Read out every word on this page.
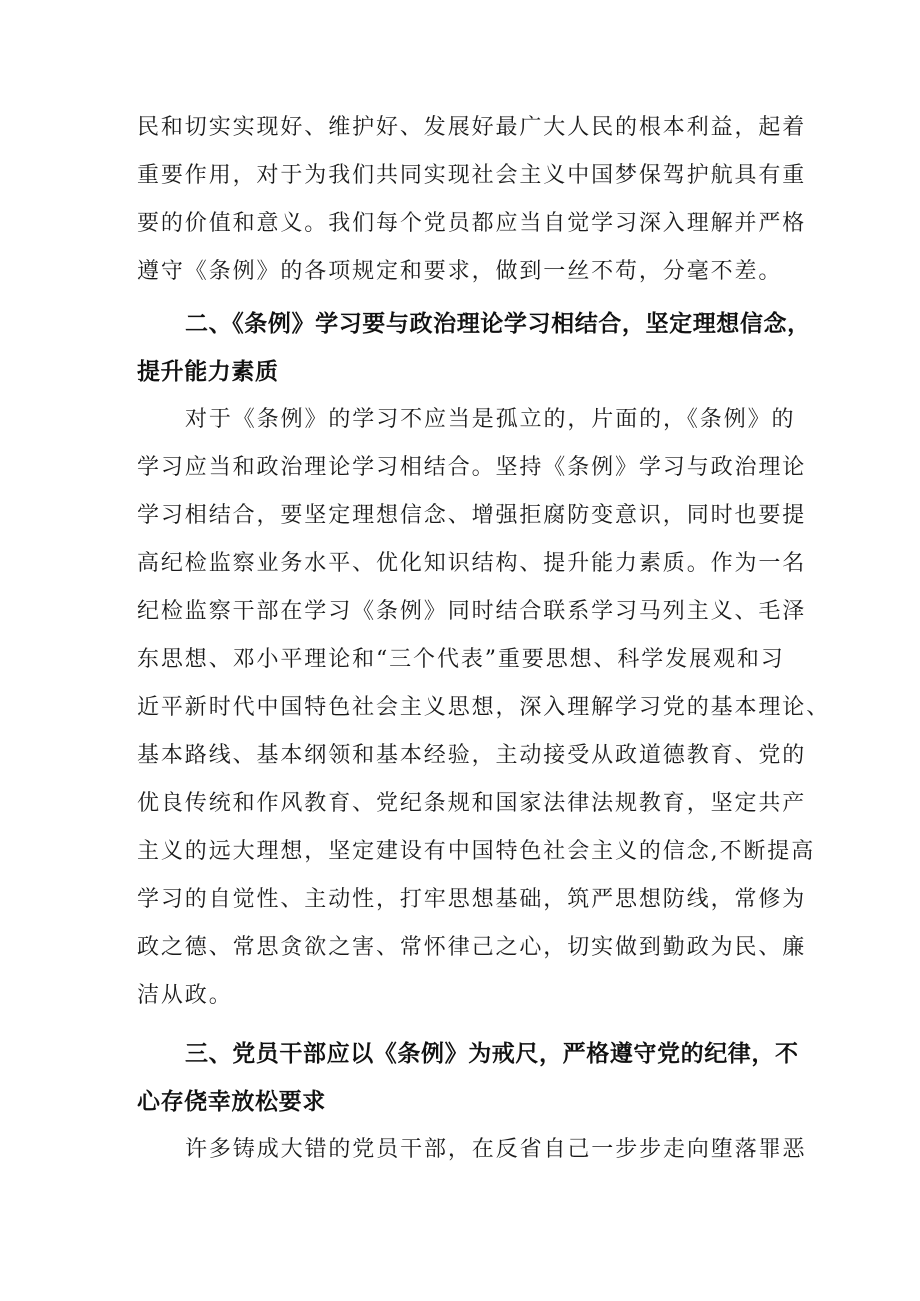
民和切实实现好、维护好、发展好最广大人民的根本利益，起着
重要作用，对于为我们共同实现社会主义中国梦保驾护航具有重
要的价值和意义。我们每个党员都应当自觉学习深入理解并严格
遵守《条例》的各项规定和要求，做到一丝不苟，分毫不差。
二、《条例》学习要与政治理论学习相结合，坚定理想信念，
提升能力素质
对于《条例》的学习不应当是孤立的，片面的，《条例》的
学习应当和政治理论学习相结合。坚持《条例》学习与政治理论
学习相结合，要坚定理想信念、增强拒腐防变意识，同时也要提
高纪检监察业务水平、优化知识结构、提升能力素质。作为一名
纪检监察干部在学习《条例》同时结合联系学习马列主义、毛泽
东思想、邓小平理论和“三个代表”重要思想、科学发展观和习
近平新时代中国特色社会主义思想，深入理解学习党的基本理论、
基本路线、基本纲领和基本经验，主动接受从政道德教育、党的
优良传统和作风教育、党纪条规和国家法律法规教育，坚定共产
主义的远大理想，坚定建设有中国特色社会主义的信念,不断提高
学习的自觉性、主动性，打牢思想基础，筑严思想防线，常修为
政之德、常思贪欲之害、常怀律己之心，切实做到勤政为民、廉
洁从政。
三、党员干部应以《条例》为戒尺，严格遵守党的纪律，不
心存侥幸放松要求
许多铸成大错的党员干部，在反省自己一步步走向堕落罪恶
